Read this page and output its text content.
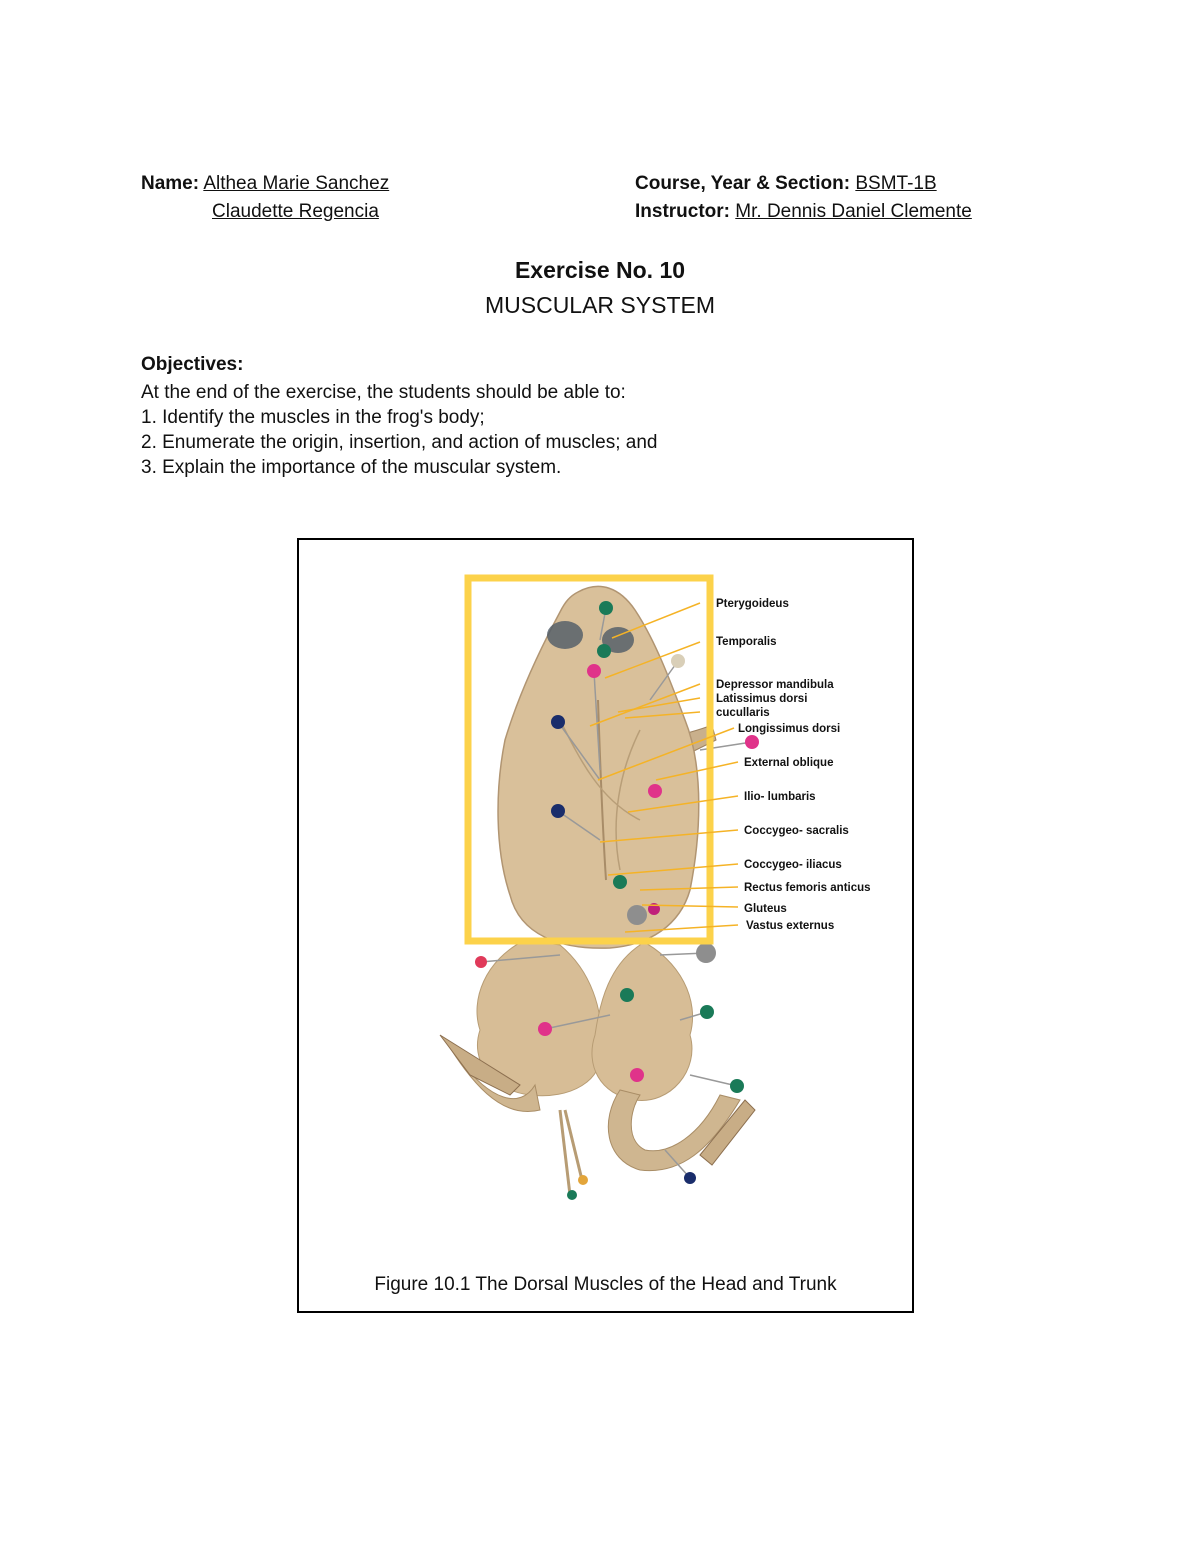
Name: Althea Marie Sanchez
Claudette Regencia
Course, Year & Section: BSMT-1B
Instructor: Mr. Dennis Daniel Clemente
Exercise No. 10
MUSCULAR SYSTEM
Objectives:
At the end of the exercise, the students should be able to:
1. Identify the muscles in the frog's body;
2. Enumerate the origin, insertion, and action of muscles; and
3. Explain the importance of the muscular system.
Pterygoideus
Temporalis
Depressor mandibula
Latissimus dorsi
cucullaris
Longissimus dorsi
External oblique
Ilio- lumbaris
Coccygeo- sacralis
Coccygeo- iliacus
Rectus femoris anticus
Gluteus
Vastus externus
Figure 10.1 The Dorsal Muscles of the Head and Trunk
